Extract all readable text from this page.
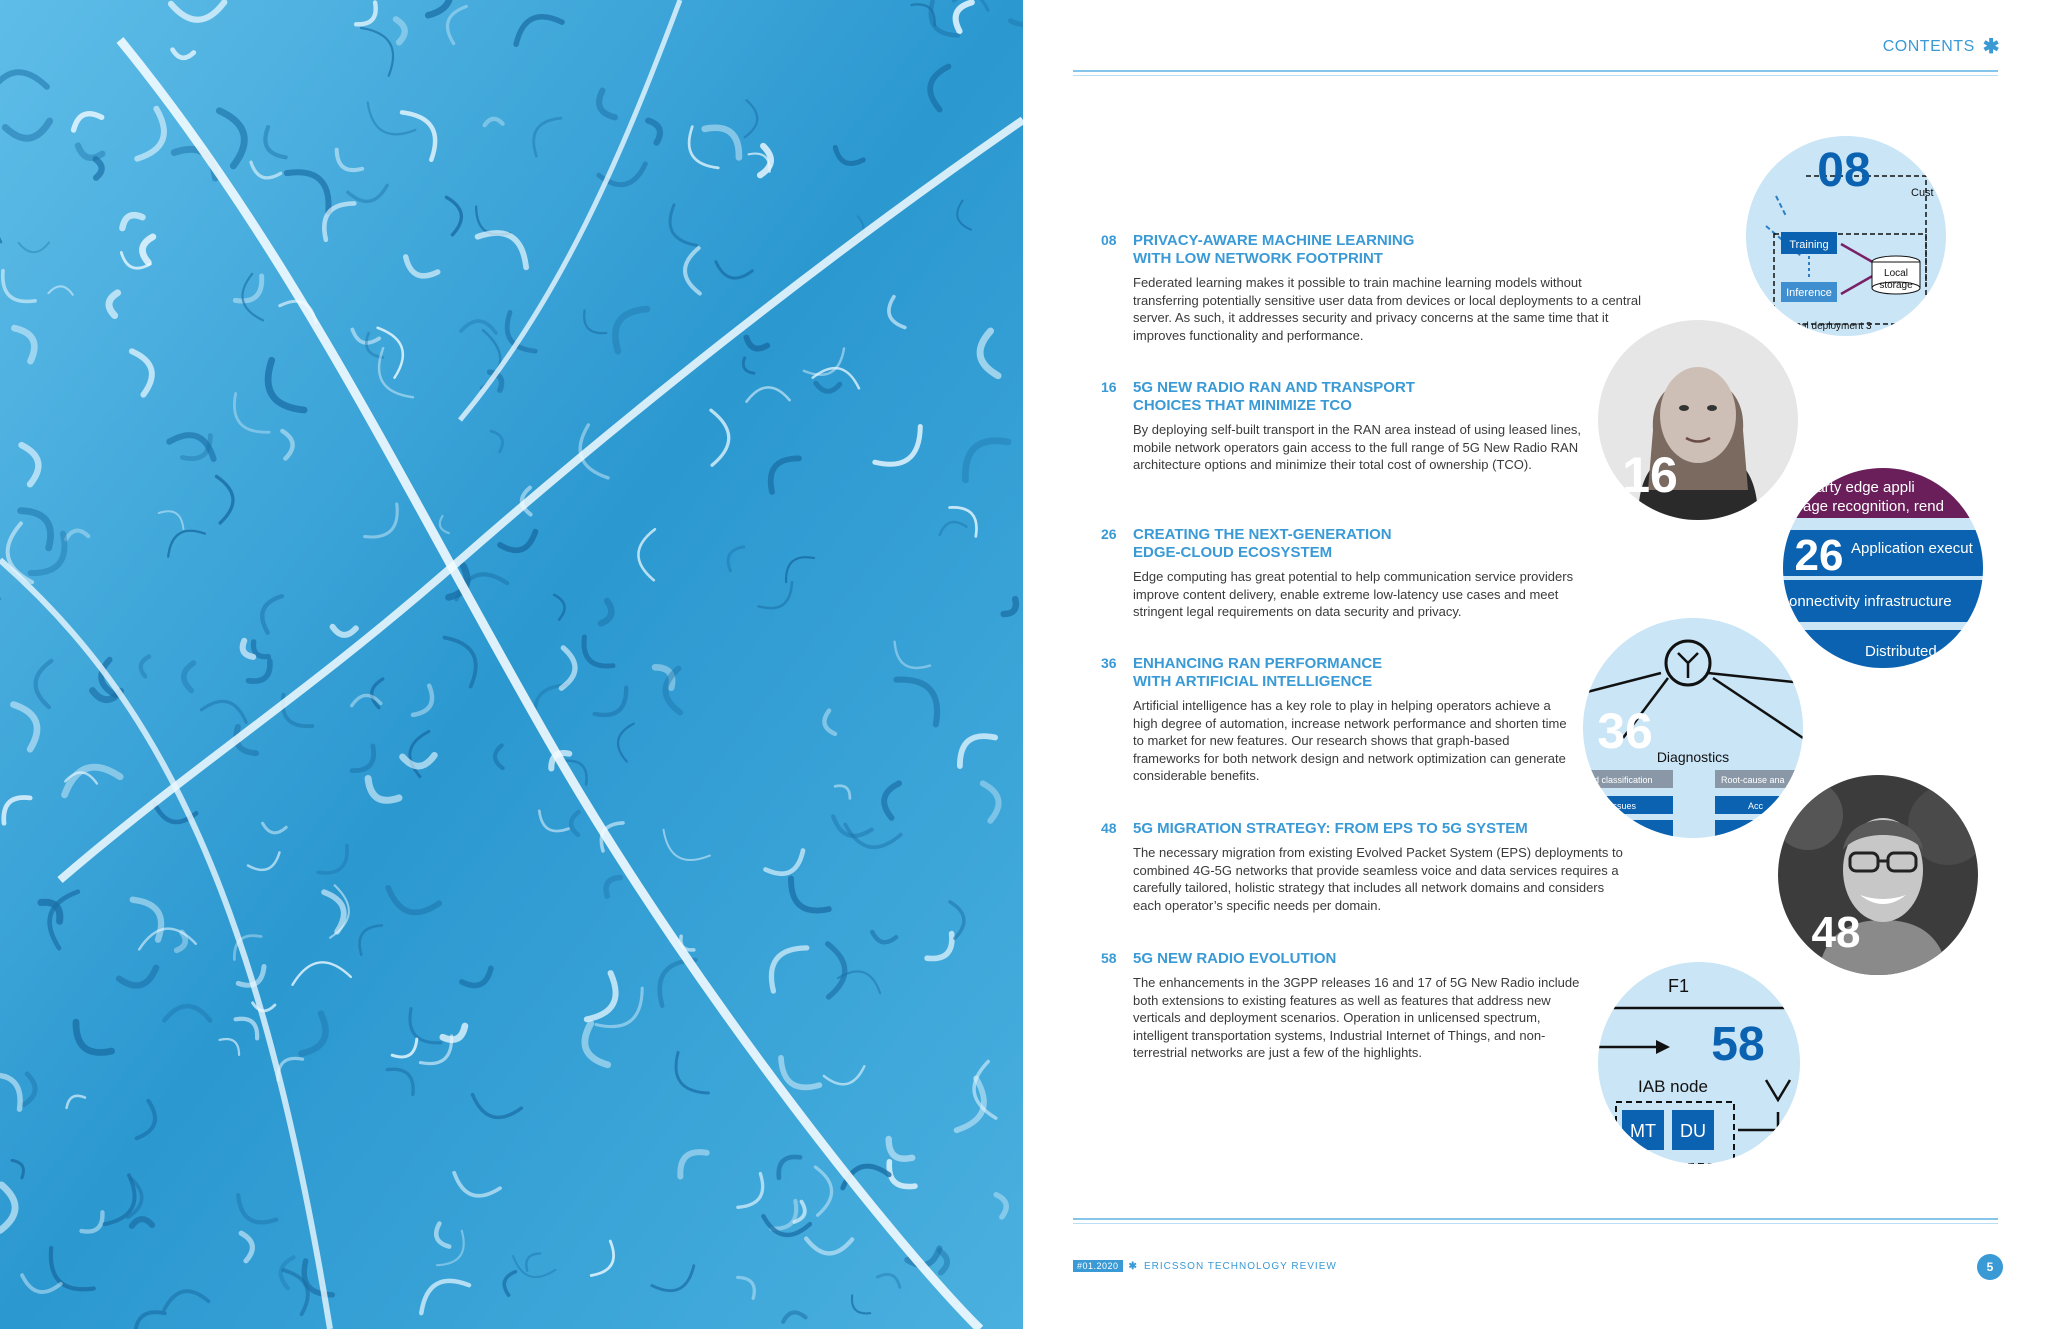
CONTENTS ✱
08	PRIVACY-AWARE MACHINE LEARNING
WITH LOW NETWORK FOOTPRINT
Federated learning makes it possible to train machine learning models without transferring potentially sensitive user data from devices or local deployments to a central server. As such, it addresses security and privacy concerns at the same time that it improves functionality and performance.
16	5G NEW RADIO RAN AND TRANSPORT
CHOICES THAT MINIMIZE TCO
By deploying self-built transport in the RAN area instead of using leased lines, mobile network operators gain access to the full range of 5G New Radio RAN architecture options and minimize their total cost of ownership (TCO).
26	CREATING THE NEXT-GENERATION
EDGE-CLOUD ECOSYSTEM
Edge computing has great potential to help communication service providers improve content delivery, enable extreme low-latency use cases and meet stringent legal requirements on data security and privacy.
36	ENHANCING RAN PERFORMANCE
WITH ARTIFICIAL INTELLIGENCE
Artificial intelligence has a key role to play in helping operators achieve a high degree of automation, increase network performance and shorten time to market for new features. Our research shows that graph-based frameworks for both network design and network optimization can generate considerable benefits.
48	5G MIGRATION STRATEGY: FROM EPS TO 5G SYSTEM
The necessary migration from existing Evolved Packet System (EPS) deployments to combined 4G-5G networks that provide seamless voice and data services requires a carefully tailored, holistic strategy that includes all network domains and considers each operator’s specific needs per domain.
58	5G NEW RADIO EVOLUTION
The enhancements in the 3GPP releases 16 and 17 of 5G New Radio include both extensions to existing features as well as features that address new verticals and deployment scenarios. Operation in unlicensed spectrum, intelligent transportation systems, Industrial Internet of Things, and non-terrestrial networks are just a few of the highlights.
Training
Inference
Local
storage
Cust
cal deployment 3
08
16	party edge appli
age recognition, rend
Application execut
onnectivity infrastructure
Distributed
26
Diagnostics
nd classification	Root-cause ana
load issues	Acc
36
48
F1
58
IAB node
MT DU
#01.2020	✱ ERICSSON TECHNOLOGY REVIEW	5
